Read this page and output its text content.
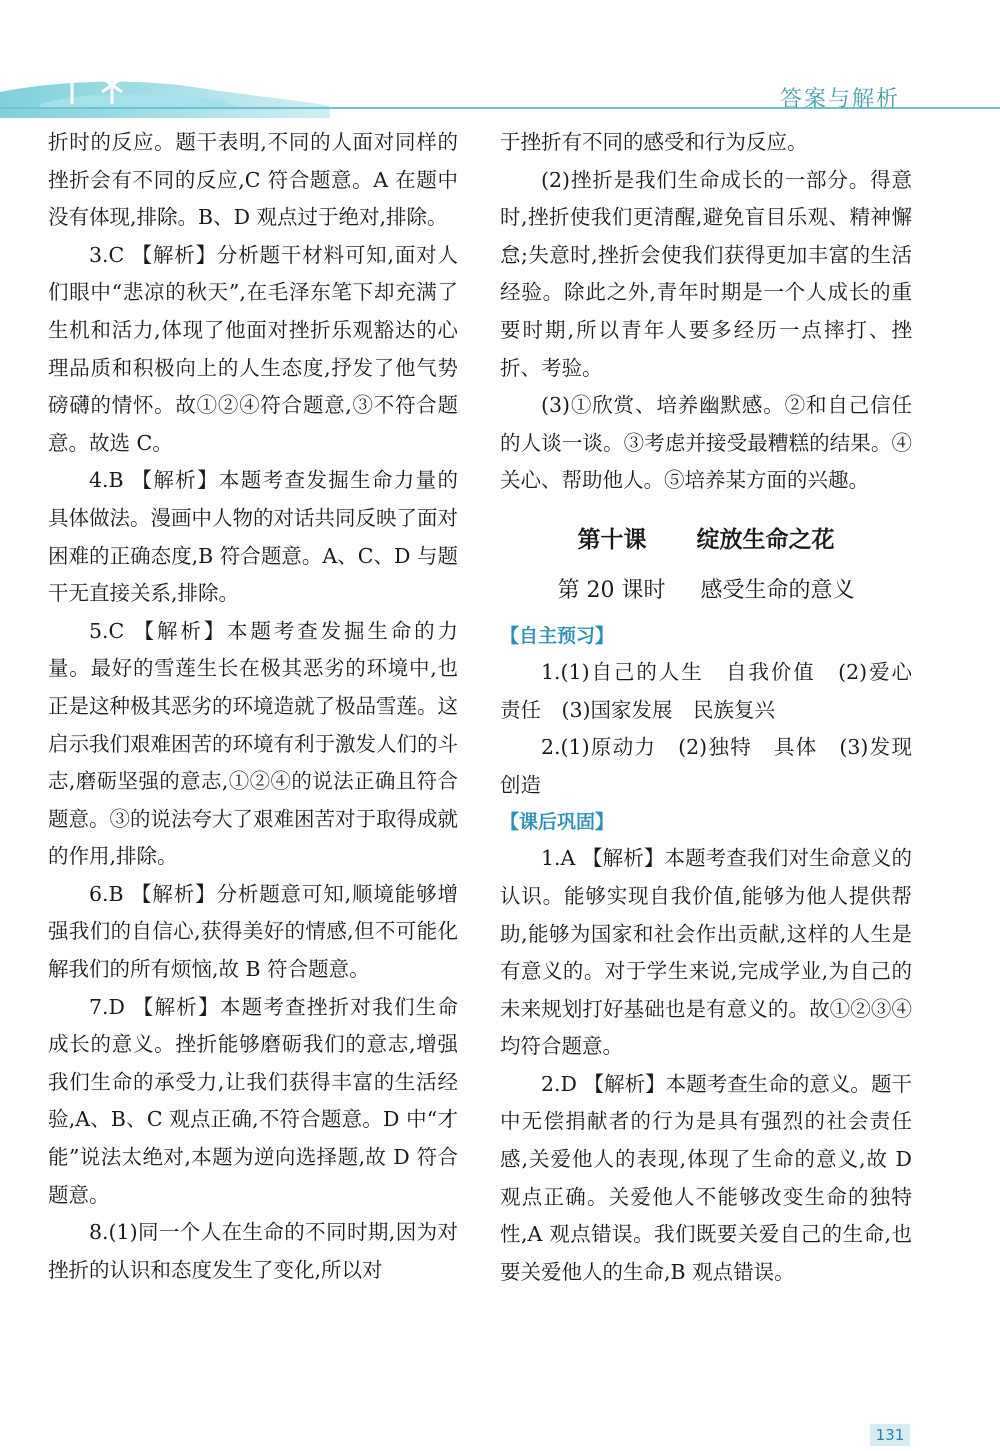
答案与解析

折时的反应。题干表明,不同的人面对同样的挫折会有不同的反应,C 符合题意。A 在题中没有体现,排除。B、D 观点过于绝对,排除。

3.C 【解析】分析题干材料可知,面对人们眼中“悲凉的秋天”,在毛泽东笔下却充满了生机和活力,体现了他面对挫折乐观豁达的心理品质和积极向上的人生态度,抒发了他气势磅礴的情怀。故①②④符合题意,③不符合题意。故选 C。

4.B 【解析】本题考查发掘生命力量的具体做法。漫画中人物的对话共同反映了面对困难的正确态度,B 符合题意。A、C、D 与题干无直接关系,排除。

5.C 【解析】本题考查发掘生命的力量。最好的雪莲生长在极其恶劣的环境中,也正是这种极其恶劣的环境造就了极品雪莲。这启示我们艰难困苦的环境有利于激发人们的斗志,磨砺坚强的意志,①②④的说法正确且符合题意。③的说法夸大了艰难困苦对于取得成就的作用,排除。

6.B 【解析】分析题意可知,顺境能够增强我们的自信心,获得美好的情感,但不可能化解我们的所有烦恼,故 B 符合题意。

7.D 【解析】本题考查挫折对我们生命成长的意义。挫折能够磨砺我们的意志,增强我们生命的承受力,让我们获得丰富的生活经验,A、B、C 观点正确,不符合题意。D 中“才能”说法太绝对,本题为逆向选择题,故 D 符合题意。

8.(1)同一个人在生命的不同时期,因为对挫折的认识和态度发生了变化,所以对

于挫折有不同的感受和行为反应。

(2)挫折是我们生命成长的一部分。得意时,挫折使我们更清醒,避免盲目乐观、精神懈怠;失意时,挫折会使我们获得更加丰富的生活经验。除此之外,青年时期是一个人成长的重要时期,所以青年人要多经历一点摔打、挫折、考验。

(3)①欣赏、培养幽默感。②和自己信任的人谈一谈。③考虑并接受最糟糕的结果。④关心、帮助他人。⑤培养某方面的兴趣。

第十课 绽放生命之花
第 20 课时 感受生命的意义
【自主预习】

1.(1)自己的人生　自我价值　(2)爱心　责任　(3)国家发展　民族复兴

2.(1)原动力　(2)独特　具体　(3)发现　创造

【课后巩固】

1.A 【解析】本题考查我们对生命意义的认识。能够实现自我价值,能够为他人提供帮助,能够为国家和社会作出贡献,这样的人生是有意义的。对于学生来说,完成学业,为自己的未来规划打好基础也是有意义的。故①②③④均符合题意。

2.D 【解析】本题考查生命的意义。题干中无偿捐献者的行为是具有强烈的社会责任感,关爱他人的表现,体现了生命的意义,故 D 观点正确。关爱他人不能够改变生命的独特性,A 观点错误。我们既要关爱自己的生命,也要关爱他人的生命,B 观点错误。

131
